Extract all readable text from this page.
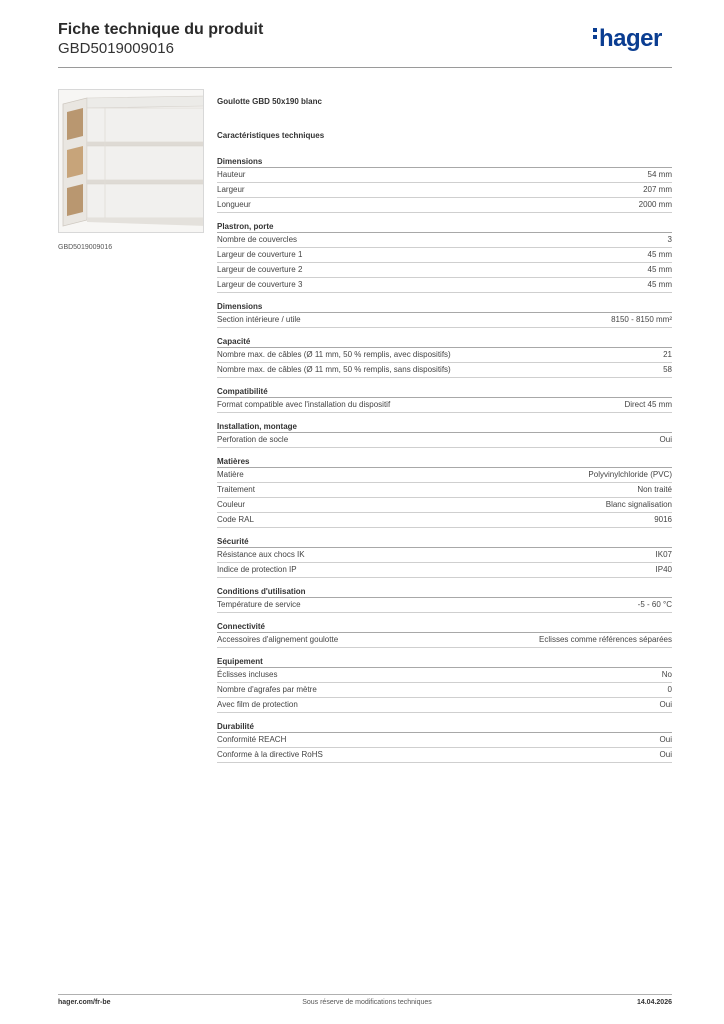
Fiche technique du produit
GBD5019009016	hager
GBD5019009016
Goulotte GBD 50x190 blanc
Caractéristiques techniques
Dimensions
Hauteur	54 mm
Largeur	207 mm
Longueur	2000 mm
Plastron, porte
Nombre de couvercles	3
Largeur de couverture 1	45 mm
Largeur de couverture 2	45 mm
Largeur de couverture 3	45 mm
Dimensions
Section intérieure / utile	8150 - 8150 mm²
Capacité
Nombre max. de câbles (Ø 11 mm, 50 % remplis, avec dispositifs)	21
Nombre max. de câbles (Ø 11 mm, 50 % remplis, sans dispositifs)	58
Compatibilité
Format compatible avec l'installation du dispositif	Direct 45 mm
Installation, montage
Perforation de socle	Oui
Matières
Matière	Polyvinylchloride (PVC)
Traitement	Non traité
Couleur	Blanc signalisation
Code RAL	9016
Sécurité
Résistance aux chocs IK	IK07
Indice de protection IP	IP40
Conditions d'utilisation
Température de service	-5 - 60 °C
Connectivité
Accessoires d'alignement goulotte	Eclisses comme références séparées
Equipement
Éclisses incluses	No
Nombre d'agrafes par mètre	0
Avec film de protection	Oui
Durabilité
Conformité REACH	Oui
Conforme à la directive RoHS	Oui
hager.com/fr-be	Sous réserve de modifications techniques	14.04.2026
